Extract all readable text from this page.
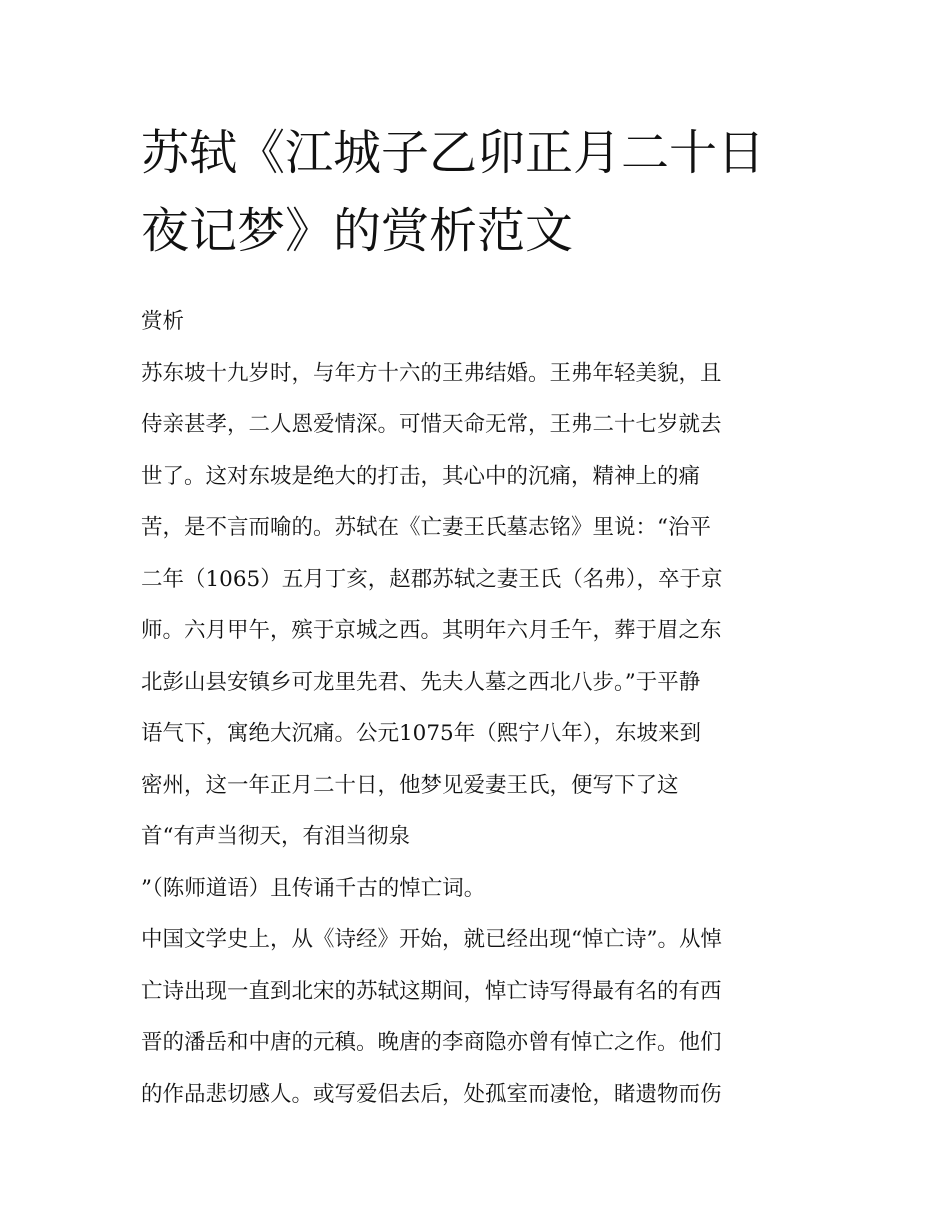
苏轼《江城子乙卯正月二十日
夜记梦》的赏析范文

赏析

苏东坡十九岁时，与年方十六的王弗结婚。王弗年轻美貌，且
侍亲甚孝，二人恩爱情深。可惜天命无常，王弗二十七岁就去
世了。这对东坡是绝大的打击，其心中的沉痛，精神上的痛
苦，是不言而喻的。苏轼在《亡妻王氏墓志铭》里说：“治平
二年（1065）五月丁亥，赵郡苏轼之妻王氏（名弗），卒于京
师。六月甲午，殡于京城之西。其明年六月壬午，葬于眉之东
北彭山县安镇乡可龙里先君、先夫人墓之西北八步。”于平静
语气下，寓绝大沉痛。公元1075年（熙宁八年），东坡来到
密州，这一年正月二十日，他梦见爱妻王氏，便写下了这
首“有声当彻天，有泪当彻泉
”（陈师道语）且传诵千古的悼亡词。

中国文学史上，从《诗经》开始，就已经出现“悼亡诗”。从悼
亡诗出现一直到北宋的苏轼这期间，悼亡诗写得最有名的有西
晋的潘岳和中唐的元稹。晚唐的李商隐亦曾有悼亡之作。他们
的作品悲切感人。或写爱侣去后，处孤室而凄怆，睹遗物而伤
